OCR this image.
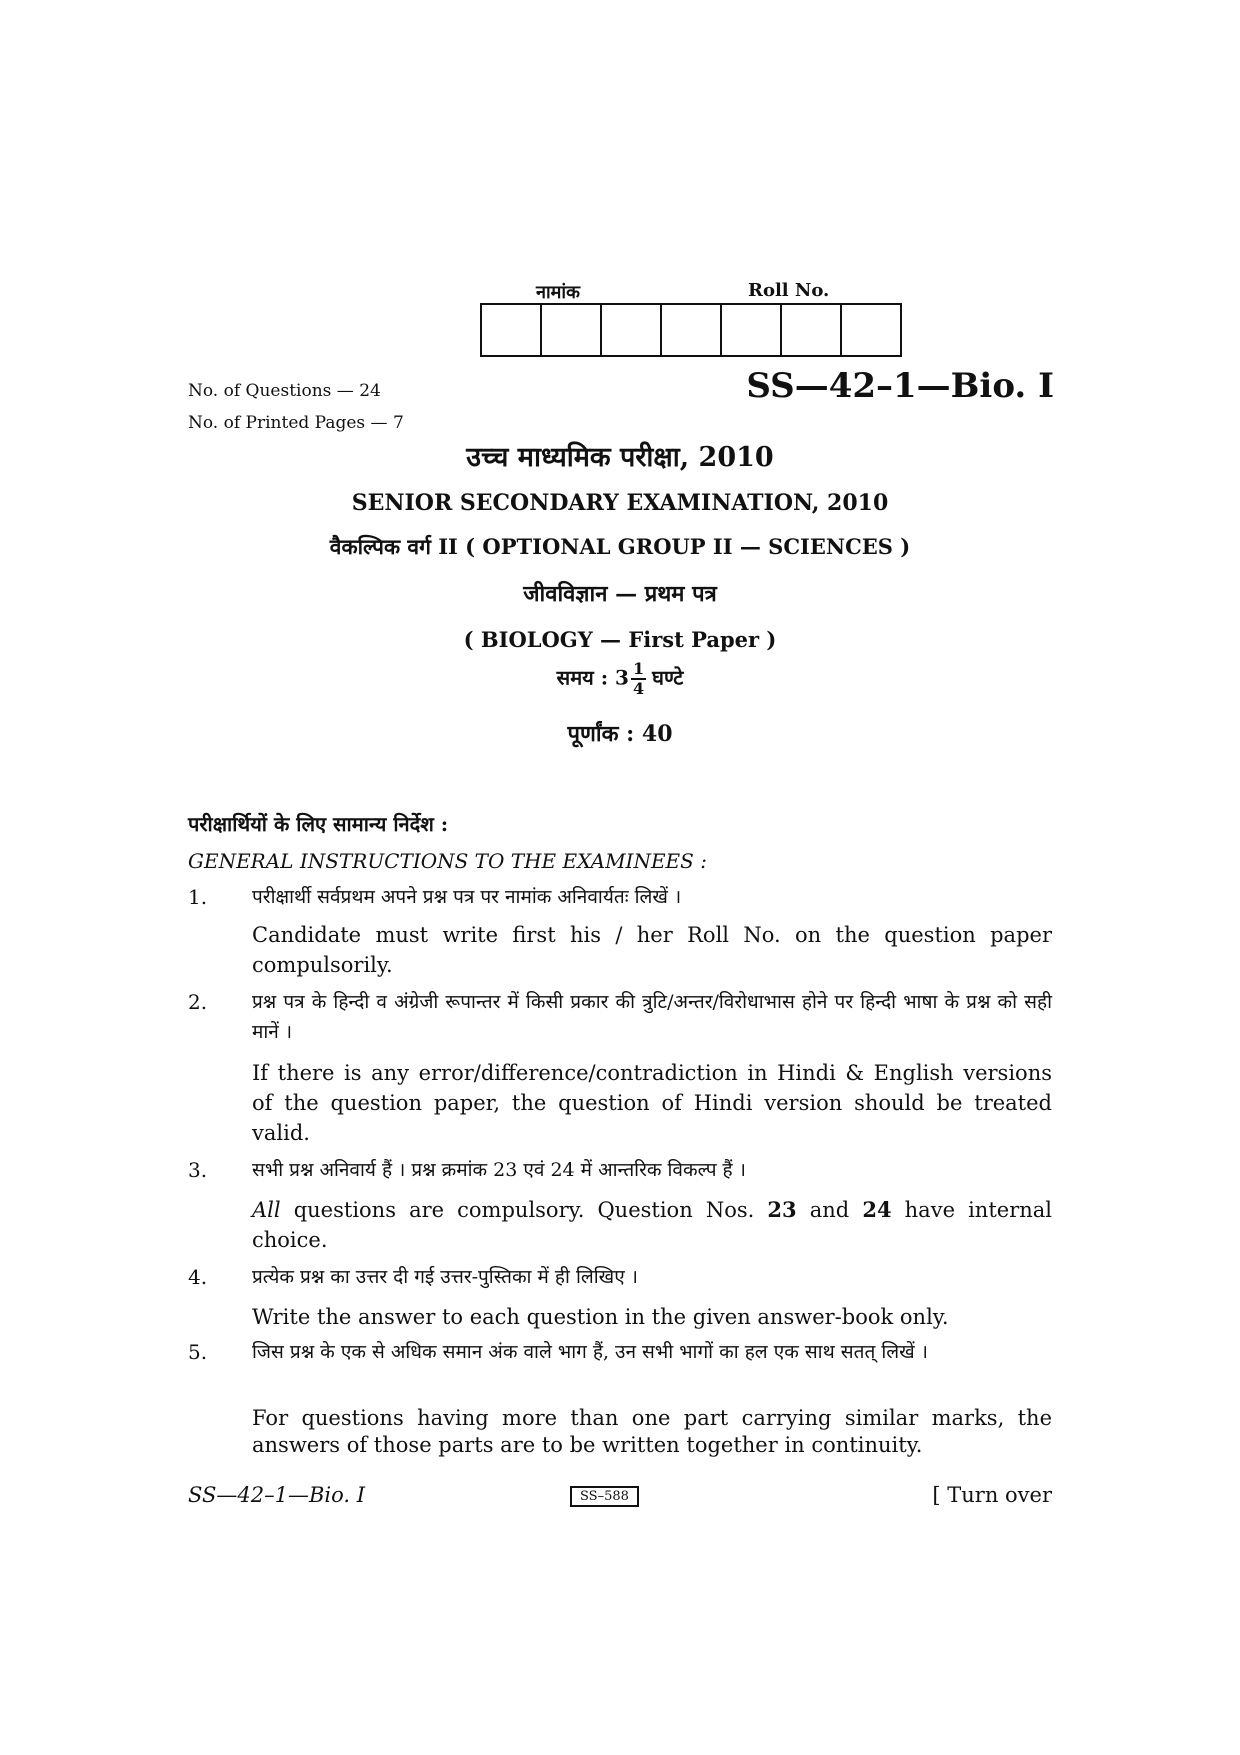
नामांक	Roll No.
No. of Questions — 24
No. of Printed Pages — 7
SS—42–1—Bio. I
उच्च माध्यमिक परीक्षा, 2010
SENIOR SECONDARY EXAMINATION, 2010
वैकल्पिक वर्ग II ( OPTIONAL GROUP II — SCIENCES )
जीवविज्ञान — प्रथम पत्र
( BIOLOGY — First Paper )
समय : $3 \frac{1}{4}$ घण्टे
पूर्णांक : 40
परीक्षार्थियों के लिए सामान्य निर्देश :
GENERAL INSTRUCTIONS TO THE EXAMINEES :
1. परीक्षार्थी सर्वप्रथम अपने प्रश्न पत्र पर नामांक अनिवार्यतः लिखें ।
Candidate must write first his / her Roll No. on the question paper compulsorily.
2. प्रश्न पत्र के हिन्दी व अंग्रेजी रूपान्तर में किसी प्रकार की त्रुटि/अन्तर/विरोधाभास होने पर हिन्दी भाषा के प्रश्न को सही मानें ।
If there is any error/difference/contradiction in Hindi & English versions of the question paper, the question of Hindi version should be treated valid.
3. सभी प्रश्न अनिवार्य हैं । प्रश्न क्रमांक 23 एवं 24 में आन्तरिक विकल्प हैं ।
All questions are compulsory. Question Nos. 23 and 24 have internal choice.
4. प्रत्येक प्रश्न का उत्तर दी गई उत्तर-पुस्तिका में ही लिखिए ।
Write the answer to each question in the given answer-book only.
5. जिस प्रश्न के एक से अधिक समान अंक वाले भाग हैं, उन सभी भागों का हल एक साथ सतत् लिखें ।
For questions having more than one part carrying similar marks, the answers of those parts are to be written together in continuity.
SS—42–1—Bio. I	SS–588	[ Turn over
